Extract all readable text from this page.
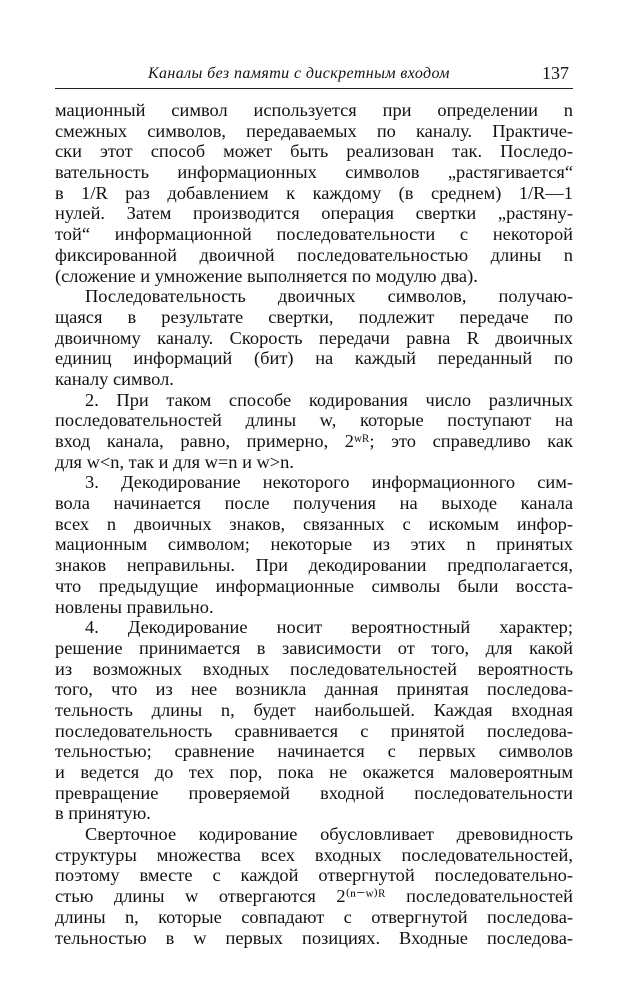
Каналы без памяти с дискретным входом	137
мационный символ используется при определении n
смежных символов, передаваемых по каналу. Практиче-
ски этот способ может быть реализован так. Последо-
вательность информационных символов „растягивается“
в 1/R раз добавлением к каждому (в среднем) 1/R—1
нулей. Затем производится операция свертки „растяну-
той“ информационной последовательности с некоторой
фиксированной двоичной последовательностью длины n
(сложение и умножение выполняется по модулю два).
Последовательность двоичных символов, получаю-
щаяся в результате свертки, подлежит передаче по
двоичному каналу. Скорость передачи равна R двоичных
единиц информаций (бит) на каждый переданный по
каналу символ.
2. При таком способе кодирования число различных
последовательностей длины w, которые поступают на
вход канала, равно, примерно, 2ʷᴿ; это справедливо как
для w<n, так и для w=n и w>n.
3. Декодирование некоторого информационного сим-
вола начинается после получения на выходе канала
всех n двоичных знаков, связанных с искомым инфор-
мационным символом; некоторые из этих n принятых
знаков неправильны. При декодировании предполагается,
что предыдущие информационные символы были восста-
новлены правильно.
4. Декодирование носит вероятностный характер;
решение принимается в зависимости от того, для какой
из возможных входных последовательностей вероятность
того, что из нее возникла данная принятая последова-
тельность длины n, будет наибольшей. Каждая входная
последовательность сравнивается с принятой последова-
тельностью; сравнение начинается с первых символов
и ведется до тех пор, пока не окажется маловероятным
превращение проверяемой входной последовательности
в принятую.
Сверточное кодирование обусловливает древовидность
структуры множества всех входных последовательностей,
поэтому вместе с каждой отвергнутой последовательно-
стью длины w отвергаются 2⁽ⁿ⁻ʷ⁾ᴿ последовательностей
длины n, которые совпадают с отвергнутой последова-
тельностью в w первых позициях. Входные последова-
